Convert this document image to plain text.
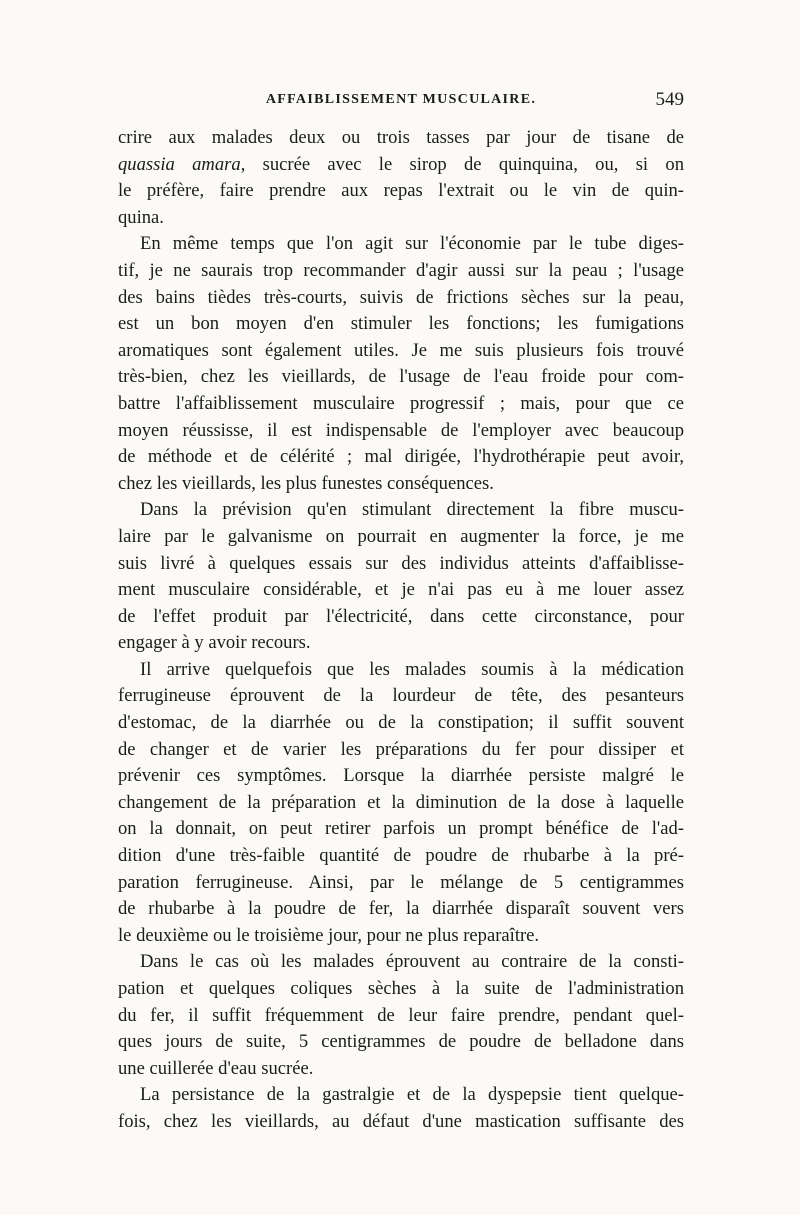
AFFAIBLISSEMENT MUSCULAIRE.	549
crire aux malades deux ou trois tasses par jour de tisane de
quassia amara, sucrée avec le sirop de quinquina, ou, si on
le préfère, faire prendre aux repas l'extrait ou le vin de quin-
quina.
En même temps que l'on agit sur l'économie par le tube diges-
tif, je ne saurais trop recommander d'agir aussi sur la peau ; l'usage
des bains tièdes très-courts, suivis de frictions sèches sur la peau,
est un bon moyen d'en stimuler les fonctions; les fumigations
aromatiques sont également utiles. Je me suis plusieurs fois trouvé
très-bien, chez les vieillards, de l'usage de l'eau froide pour com-
battre l'affaiblissement musculaire progressif ; mais, pour que ce
moyen réussisse, il est indispensable de l'employer avec beaucoup
de méthode et de célérité ; mal dirigée, l'hydrothérapie peut avoir,
chez les vieillards, les plus funestes conséquences.
Dans la prévision qu'en stimulant directement la fibre muscu-
laire par le galvanisme on pourrait en augmenter la force, je me
suis livré à quelques essais sur des individus atteints d'affaiblisse-
ment musculaire considérable, et je n'ai pas eu à me louer assez
de l'effet produit par l'électricité, dans cette circonstance, pour
engager à y avoir recours.
Il arrive quelquefois que les malades soumis à la médication
ferrugineuse éprouvent de la lourdeur de tête, des pesanteurs
d'estomac, de la diarrhée ou de la constipation; il suffit souvent
de changer et de varier les préparations du fer pour dissiper et
prévenir ces symptômes. Lorsque la diarrhée persiste malgré le
changement de la préparation et la diminution de la dose à laquelle
on la donnait, on peut retirer parfois un prompt bénéfice de l'ad-
dition d'une très-faible quantité de poudre de rhubarbe à la pré-
paration ferrugineuse. Ainsi, par le mélange de 5 centigrammes
de rhubarbe à la poudre de fer, la diarrhée disparaît souvent vers
le deuxième ou le troisième jour, pour ne plus reparaître.
Dans le cas où les malades éprouvent au contraire de la consti-
pation et quelques coliques sèches à la suite de l'administration
du fer, il suffit fréquemment de leur faire prendre, pendant quel-
ques jours de suite, 5 centigrammes de poudre de belladone dans
une cuillerée d'eau sucrée.
La persistance de la gastralgie et de la dyspepsie tient quelque-
fois, chez les vieillards, au défaut d'une mastication suffisante des
